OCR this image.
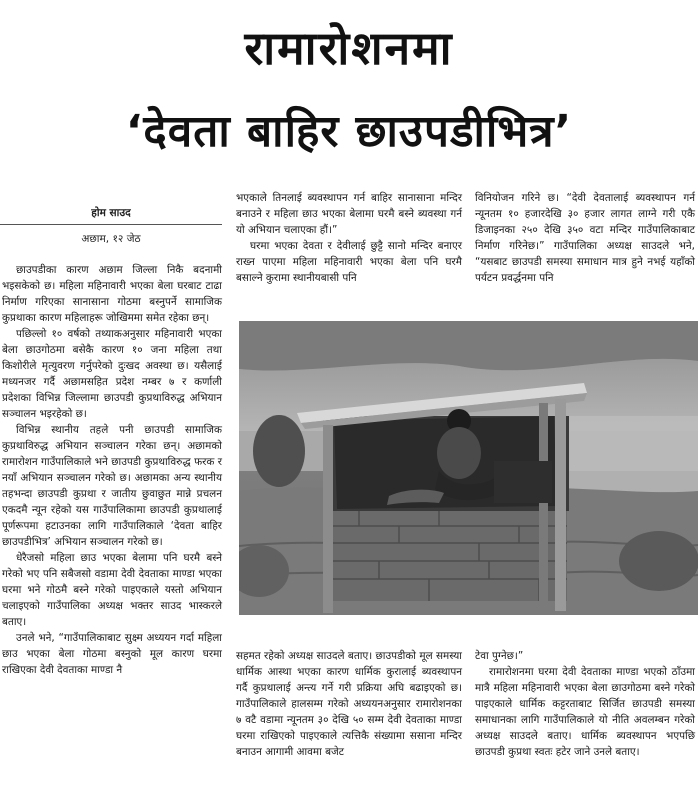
रामारोशनमा
‘देवता बाहिर छाउपडीभित्र’
होम साउद
अछाम, १२ जेठ

छाउपडीका कारण अछाम जिल्ला निकै बदनामी भइसकेको छ। महिला महिनावारी भएका बेला घरबाट टाढा निर्माण गरिएका सानासाना गोठमा बस्नुपर्ने सामाजिक कुप्रथाका कारण महिलाहरू जोखिममा समेत रहेका छन्।

पछिल्लो १० वर्षको तथ्याकअनुसार महिनावारी भएका बेला छाउगोठमा बसेकै कारण १० जना महिला तथा किशोरीले मृत्युवरण गर्नुपरेको दुःखद अवस्था छ। यसैलाई मध्यनजर गर्दै अछामसहित प्रदेश नम्बर ७ र कर्णाली प्रदेशका विभिन्न जिल्लामा छाउपडी कुप्रथाविरुद्ध अभियान सञ्चालन भइरहेको छ।

विभिन्न स्थानीय तहले पनी छाउपडी सामाजिक कुप्रथाविरुद्ध अभियान सञ्चालन गरेका छन्। अछामको रामारोशन गाउँपालिकाले भने छाउपडी कुप्रथाविरुद्ध फरक र नयाँ अभियान सञ्चालन गरेको छ। अछामका अन्य स्थानीय तहभन्दा छाउपडी कुप्रथा र जातीय छुवाछुत मान्ने प्रचलन एकदमै न्यून रहेको यस गाउँपालिकामा छाउपडी कुप्रथालाई पूर्णरूपमा हटाउनका लागि गाउँपालिकाले ‘देवता बाहिर छाउपडीभित्र’ अभियान सञ्चालन गरेको छ।

धेरैजसो महिला छाउ भएका बेलामा पनि घरमै बस्ने गरेको भए पनि सबैजसो वडामा देवी देवताका माण्डा भएका घरमा भने गोठमै बस्ने गरेको पाइएकाले यस्तो अभियान चलाइएको गाउँपालिका अध्यक्ष भक्तर साउद भास्करले बताए।

उनले भने, “गाउँपालिकाबाट सुक्ष्म अध्ययन गर्दा महिला छाउ भएका बेला गोठमा बस्नुको मूल कारण घरमा राखिएका देवी देवताका माण्डा नै

भएकाले तिनलाई ब्यवस्थापन गर्न बाहिर सानासाना मन्दिर बनाउने र महिला छाउ भएका बेलामा घरमै बस्ने ब्यवस्था गर्न यो अभियान चलाएका हौं।”

घरमा भएका देवता र देवीलाई छुट्टै सानो मन्दिर बनाएर राख्न पाएमा महिला महिनावारी भएका बेला पनि घरमै बसाल्ने कुरामा स्थानीयबासी पनि

विनियोजन गरिने छ। “देवी देवतालाई ब्यवस्थापन गर्न न्यूनतम १० हजारदेखि ३० हजार लागत लाग्ने गरी एकै डिजाइनका २५० देखि ३५० वटा मन्दिर गाउँपालिकाबाट निर्माण गरिनेछ।” गाउँपालिका अध्यक्ष साउदले भने, “यसबाट छाउपडी समस्या समाधान मात्र हुने नभई यहाँको पर्यटन प्रवर्द्धनमा पनि

सहमत रहेको अध्यक्ष साउदले बताए। छाउपडीको मूल समस्या धार्मिक आस्था भएका कारण धार्मिक कुरालाई ब्यवस्थापन गर्दै कुप्रथालाई अन्त्य गर्ने गरी प्रक्रिया अघि बढाइएको छ। गाउँपालिकाले हालसम्म गरेको अध्ययनअनुसार रामारोशनका ७ वटै वडामा न्यूनतम ३० देखि ५० सम्म देवी देवताका माण्डा घरमा राखिएको पाइएकाले त्यत्तिकै संख्यामा ससाना मन्दिर बनाउन आगामी आवमा बजेट

टेवा पुग्नेछ।”

रामारोशनमा घरमा देवी देवताका माण्डा भएको ठाँउमा मात्रै महिला महिनावारी भएका बेला छाउगोठमा बस्ने गरेको पाइएकाले धार्मिक कट्टरताबाट सिर्जित छाउपडी समस्या समाधानका लागि गाउँपालिकाले यो नीति अवलम्बन गरेको अध्यक्ष साउदले बताए। धार्मिक ब्यवस्थापन भएपछि छाउपडी कुप्रथा स्वतः हटेर जाने उनले बताए।
